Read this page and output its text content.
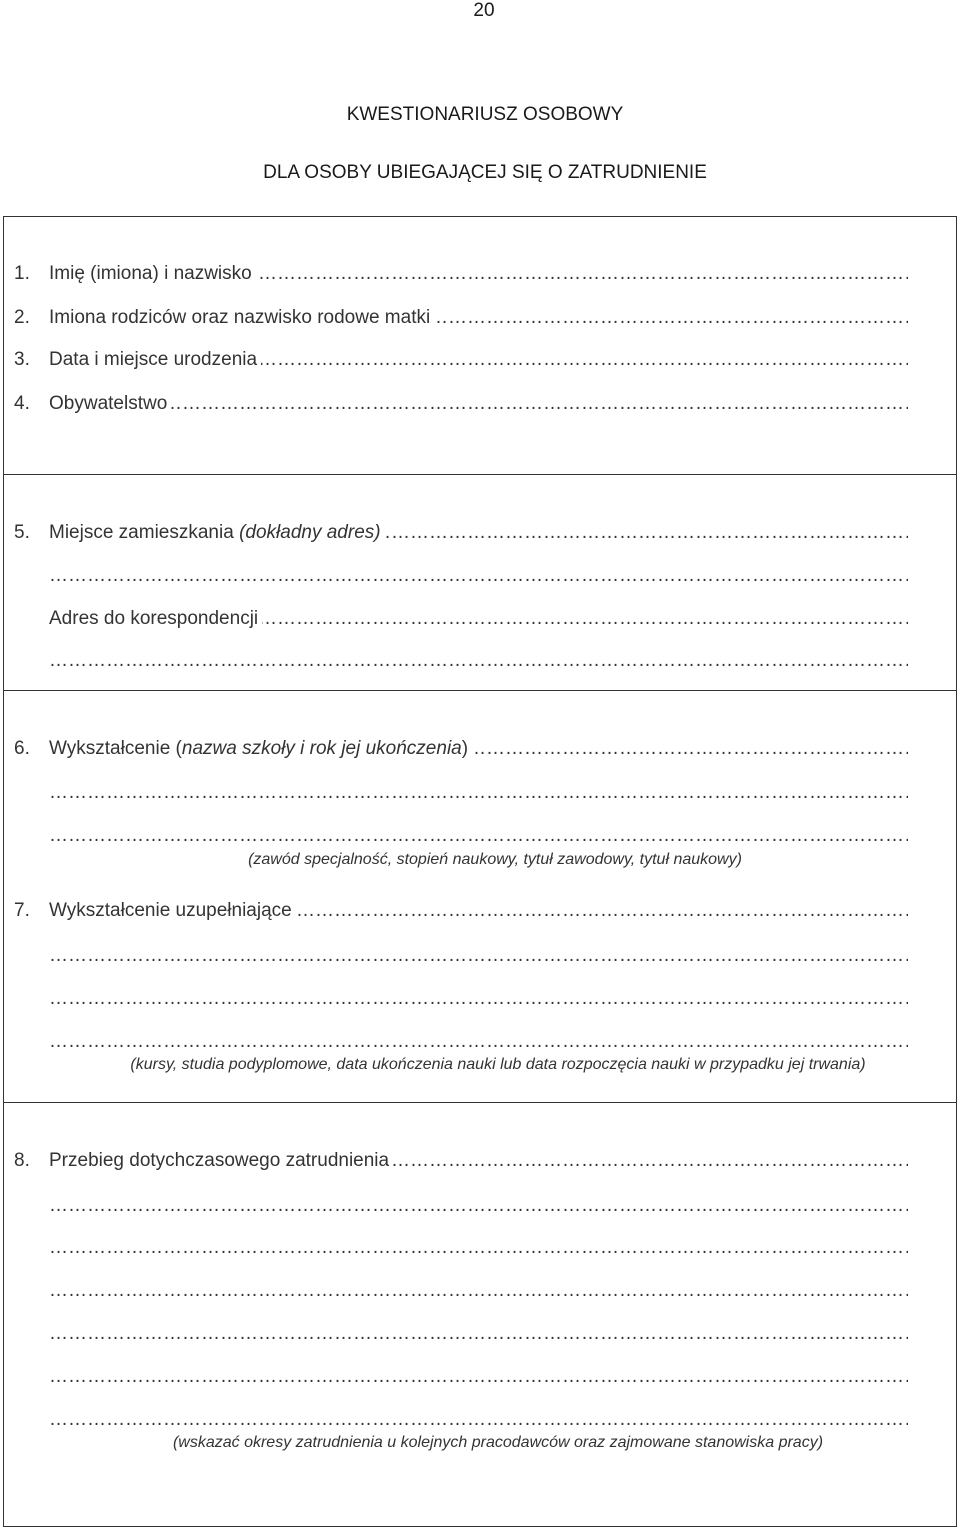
20
KWESTIONARIUSZ OSOBOWY
DLA OSOBY UBIEGAJĄCEJ SIĘ O ZATRUDNIENIE
1. ……………………………………………………………………………………………………………………………………… Imię (imiona) i nazwisko
2. ……………………………………………………………………………………………………………………………………… Imiona rodziców oraz nazwisko rodowe matki
3. ……………………………………………………………………………………………………………………………………… Data i miejsce urodzenia
4. ……………………………………………………………………………………………………………………………………… Obywatelstwo
5. ……………………………………………………………………………………………………………………………………… Miejsce zamieszkania (dokładny adres)
………………………………………………………………………………………………………………………………………
………………………………………………………………………………………………………………………………………
Adres do korespondencji
………………………………………………………………………………………………………………………………………
6. ……………………………………………………………………………………………………………………………………… Wykształcenie (nazwa szkoły i rok jej ukończenia)
………………………………………………………………………………………………………………………………………
………………………………………………………………………………………………………………………………………
(zawód specjalność, stopień naukowy, tytuł zawodowy, tytuł naukowy)
7. ……………………………………………………………………………………………………………………………………… Wykształcenie uzupełniające
………………………………………………………………………………………………………………………………………
………………………………………………………………………………………………………………………………………
………………………………………………………………………………………………………………………………………
(kursy, studia podyplomowe, data ukończenia nauki lub data rozpoczęcia nauki w przypadku jej trwania)
8. ……………………………………………………………………………………………………………………………………… Przebieg dotychczasowego zatrudnienia
………………………………………………………………………………………………………………………………………
………………………………………………………………………………………………………………………………………
………………………………………………………………………………………………………………………………………
………………………………………………………………………………………………………………………………………
………………………………………………………………………………………………………………………………………
………………………………………………………………………………………………………………………………………
(wskazać okresy zatrudnienia u kolejnych pracodawców oraz zajmowane stanowiska pracy)
